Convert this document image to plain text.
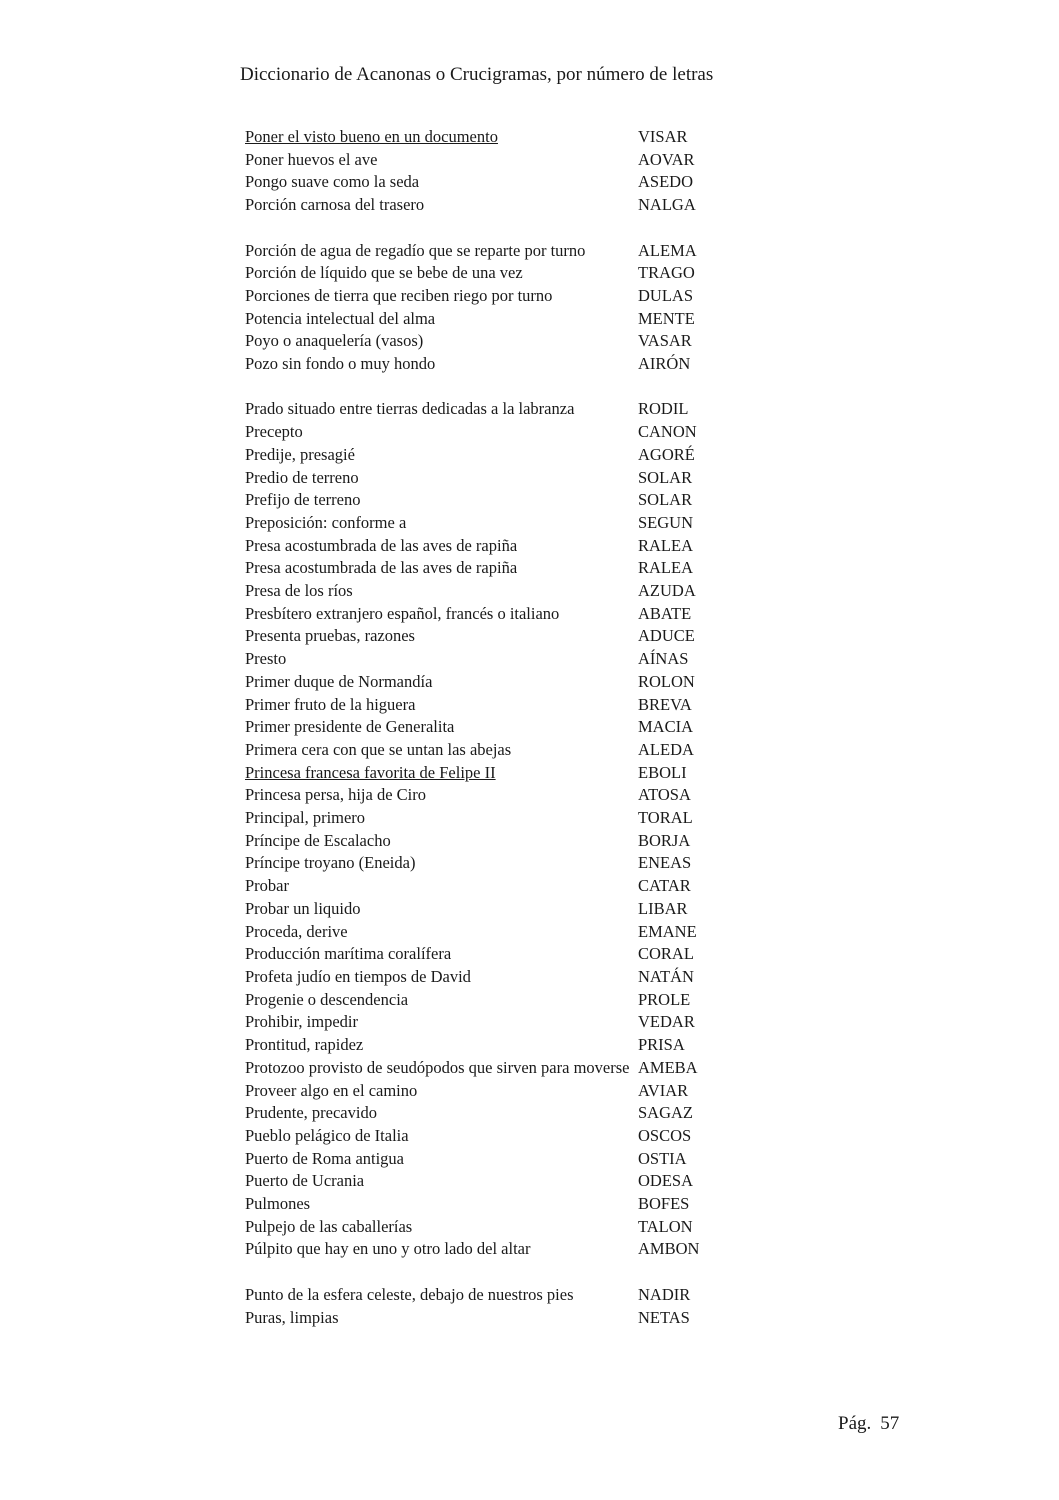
Diccionario de Acanonas o Crucigramas, por número de letras
Poner el visto bueno en un documento	VISAR
Poner huevos el ave	AOVAR
Pongo suave como la seda	ASEDO
Porción carnosa del trasero	NALGA
Porción de agua de regadío que se reparte por turno	ALEMA
Porción de líquido que se bebe de una vez	TRAGO
Porciones de tierra que reciben riego por turno	DULAS
Potencia intelectual del alma	MENTE
Poyo o anaquelería (vasos)	VASAR
Pozo sin fondo o muy hondo	AIRÓN
Prado situado entre tierras dedicadas a la labranza	RODIL
Precepto	CANON
Predije, presagié	AGORÉ
Predio de terreno	SOLAR
Prefijo de terreno	SOLAR
Preposición: conforme a	SEGUN
Presa acostumbrada de las aves de rapiña	RALEA
Presa acostumbrada de las aves de rapiña	RALEA
Presa de los ríos	AZUDA
Presbítero extranjero español, francés o italiano	ABATE
Presenta pruebas, razones	ADUCE
Presto	AÍNAS
Primer duque de Normandía	ROLON
Primer fruto de la higuera	BREVA
Primer presidente de Generalita	MACIA
Primera cera con que se untan las abejas	ALEDA
Princesa francesa favorita de Felipe II	EBOLI
Princesa persa, hija de Ciro	ATOSA
Principal, primero	TORAL
Príncipe de Escalacho	BORJA
Príncipe troyano (Eneida)	ENEAS
Probar	CATAR
Probar un liquido	LIBAR
Proceda, derive	EMANE
Producción marítima coralífera	CORAL
Profeta judío en tiempos de David	NATÁN
Progenie o descendencia	PROLE
Prohibir, impedir	VEDAR
Prontitud, rapidez	PRISA
Protozoo provisto de seudópodos que sirven para moverse AMEBA
Proveer algo en el camino	AVIAR
Prudente, precavido	SAGAZ
Pueblo pelágico de Italia	OSCOS
Puerto de Roma antigua	OSTIA
Puerto de Ucrania	ODESA
Pulmones	BOFES
Pulpejo de las caballerías	TALON
Púlpito que hay en uno y otro lado del altar	AMBON
Punto de la esfera celeste, debajo de nuestros pies	NADIR
Puras, limpias	NETAS
Pág. 57
